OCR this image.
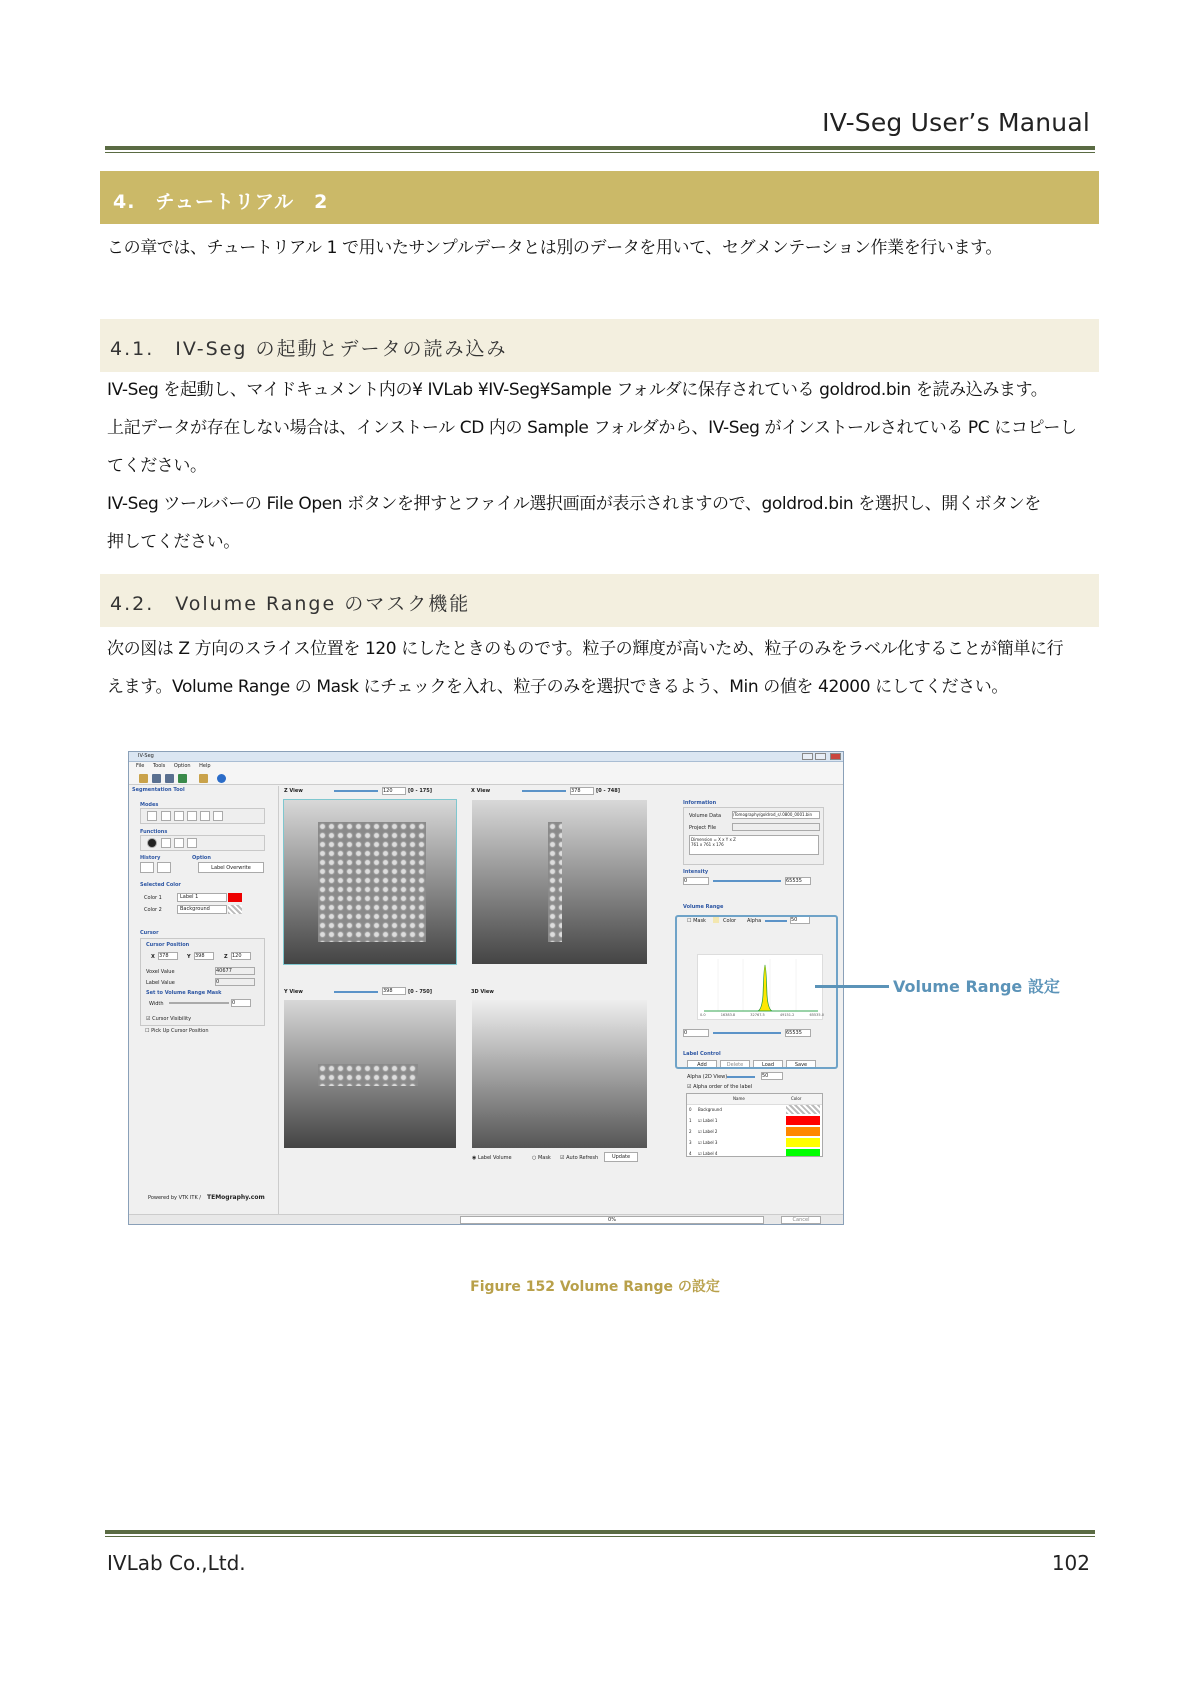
IV-Seg User’s Manual
4.　チュートリアル　2
この章では、チュートリアル 1 で用いたサンプルデータとは別のデータを用いて、セグメンテーション作業を行います。
4.1.　IV-Seg の起動とデータの読み込み
IV-Seg を起動し、マイドキュメント内の¥ IVLab ¥IV-Seg¥Sample フォルダに保存されている goldrod.bin を読み込みます。
上記データが存在しない場合は、インストール CD 内の Sample フォルダから、IV-Seg がインストールされている PC にコピーし
てください。
IV-Seg ツールバーの File Open ボタンを押すとファイル選択画面が表示されますので、goldrod.bin を選択し、開くボタンを
押してください。
4.2.　Volume Range のマスク機能
次の図は Z 方向のスライス位置を 120 にしたときのものです。粒子の輝度が高いため、粒子のみをラベル化することが簡単に行
えます。Volume Range の Mask にチェックを入れ、粒子のみを選択できるよう、Min の値を 42000 にしてください。
IV-Seg
File Tools Option Help
Segmentation Tool
Modes
Functions
History	Option
Label Overwrite
Selected Color
Color 1	Label 1
Color 2	Background
Cursor
Cursor Position
X 378	Y 398	Z 120
Voxel Value	40677
Label Value	0
Set to Volume Range Mask
Width	0
☑ Cursor Visibility
☐ Pick Up Cursor Position
Powered by VTK ITK / TEMography.com
Z View	120	[0 - 175]	X View	378	[0 - 748]
Y View	398	[0 - 750]	3D View
◉ Label Volume	○ Mask ☑ Auto Refresh	Update
Information
Volume Data	/Tomography/goldrod_s/.0800_0001.bin
Project File
Dimension = X x Y x Z
761 x 761 x 176
Intensity
0	65535
Volume Range
☐ Mask	Color Alpha	50
0.0	16383.8	32767.5	49151.2	65535.0
0	65535
Label Control
Add	Delete	Load	Save
Alpha (2D View)	50
☑ Alpha order of the label
Name	Color
0 Background
1 ☑ Label 1
2 ☑ Label 2
3 ☑ Label 3
4 ☑ Label 4
0%	Cancel
Volume Range 設定
Figure 152 Volume Range の設定
IVLab Co.,Ltd.	102
